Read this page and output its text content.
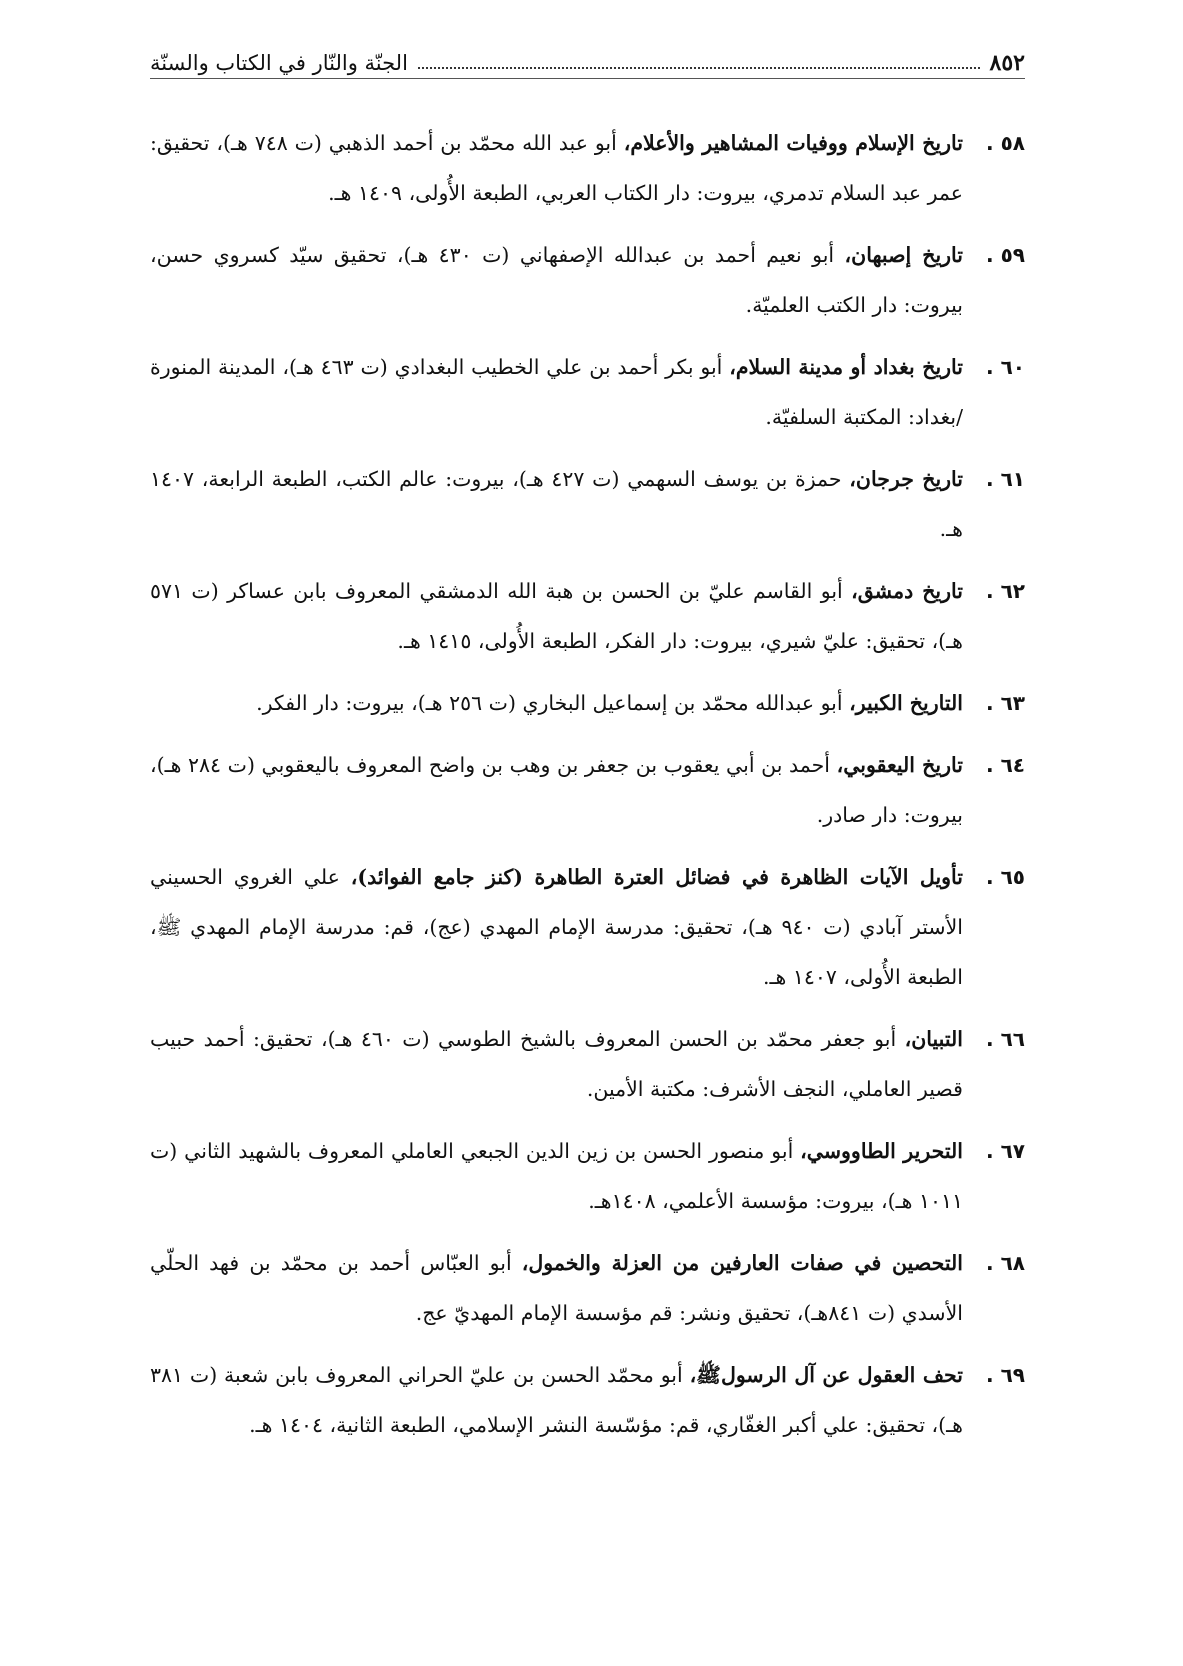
٨٥٢
الجنّة والنّار في الكتاب والسنّة
٥٨ .
تاريخ الإسلام ووفيات المشاهير والأعلام، أبو عبد الله محمّد بن أحمد الذهبي (ت ٧٤٨ هـ)، تحقيق: عمر عبد السلام تدمري، بيروت: دار الكتاب العربي، الطبعة الأُولى، ١٤٠٩ هـ.
٥٩ .
تاريخ إصبهان، أبو نعيم أحمد بن عبدالله الإصفهاني (ت ٤٣٠ هـ)، تحقيق سيّد كسروي حسن، بيروت: دار الكتب العلميّة.
٦٠ .
تاريخ بغداد أو مدينة السلام، أبو بكر أحمد بن علي الخطيب البغدادي (ت ٤٦٣ هـ)، المدينة المنورة /بغداد: المكتبة السلفيّة.
٦١ .
تاريخ جرجان، حمزة بن يوسف السهمي (ت ٤٢٧ هـ)، بيروت: عالم الكتب، الطبعة الرابعة، ١٤٠٧ هـ.
٦٢ .
تاريخ دمشق، أبو القاسم عليّ بن الحسن بن هبة الله الدمشقي المعروف بابن عساكر (ت ٥٧١ هـ)، تحقيق: عليّ شيري، بيروت: دار الفكر، الطبعة الأُولى، ١٤١٥ هـ.
٦٣ .
التاريخ الكبير، أبو عبدالله محمّد بن إسماعيل البخاري (ت ٢٥٦ هـ)، بيروت: دار الفكر.
٦٤ .
تاريخ اليعقوبي، أحمد بن أبي يعقوب بن جعفر بن وهب بن واضح المعروف باليعقوبي (ت ٢٨٤ هـ)، بيروت: دار صادر.
٦٥ .
تأويل الآيات الظاهرة في فضائل العترة الطاهرة (كنز جامع الفوائد)، علي الغروي الحسيني الأستر آبادي (ت ٩٤٠ هـ)، تحقيق: مدرسة الإمام المهدي (عج)، قم: مدرسة الإمام المهدي ﷺ، الطبعة الأُولى، ١٤٠٧ هـ.
٦٦ .
التبيان، أبو جعفر محمّد بن الحسن المعروف بالشيخ الطوسي (ت ٤٦٠ هـ)، تحقيق: أحمد حبيب قصير العاملي، النجف الأشرف: مكتبة الأمين.
٦٧ .
التحرير الطاووسي، أبو منصور الحسن بن زين الدين الجبعي العاملي المعروف بالشهيد الثاني (ت ١٠١١ هـ)، بيروت: مؤسسة الأعلمي، ١٤٠٨هـ.
٦٨ .
التحصين في صفات العارفين من العزلة والخمول، أبو العبّاس أحمد بن محمّد بن فهد الحلّي الأسدي (ت ٨٤١هـ)، تحقيق ونشر: قم مؤسسة الإمام المهديّ عج.
٦٩ .
تحف العقول عن آل الرسولﷺ، أبو محمّد الحسن بن عليّ الحراني المعروف بابن شعبة (ت ٣٨١ هـ)، تحقيق: علي أكبر الغفّاري، قم: مؤسّسة النشر الإسلامي، الطبعة الثانية، ١٤٠٤ هـ.
